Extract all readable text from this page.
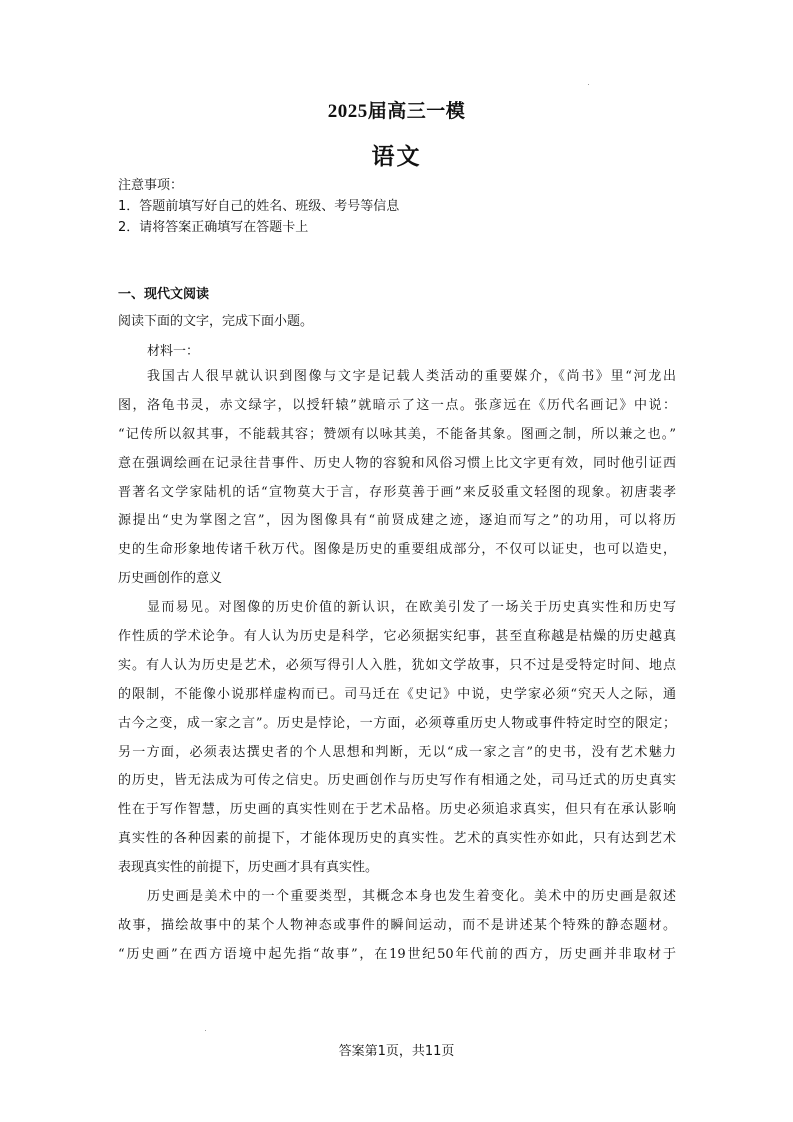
2025届高三一模
语文
注意事项：
1．答题前填写好自己的姓名、班级、考号等信息
2．请将答案正确填写在答题卡上
一、现代文阅读
阅读下面的文字，完成下面小题。
材料一：
我国古人很早就认识到图像与文字是记载人类活动的重要媒介，《尚书》里“河龙出
图，洛龟书灵，赤文绿字，以授轩辕”就暗示了这一点。张彦远在《历代名画记》中说：
“记传所以叙其事，不能载其容；赞颂有以咏其美，不能备其象。图画之制，所以兼之也。”
意在强调绘画在记录往昔事件、历史人物的容貌和风俗习惯上比文字更有效，同时他引证西
晋著名文学家陆机的话“宣物莫大于言，存形莫善于画”来反驳重文轻图的现象。初唐裴孝
源提出“史为掌图之宫”，因为图像具有“前贤成建之迹，逐迫而写之”的功用，可以将历
史的生命形象地传诸千秋万代。图像是历史的重要组成部分，不仅可以证史，也可以造史，
历史画创作的意义
显而易见。对图像的历史价值的新认识，在欧美引发了一场关于历史真实性和历史写
作性质的学术论争。有人认为历史是科学，它必须据实纪事，甚至直称越是枯燥的历史越真
实。有人认为历史是艺术，必须写得引人入胜，犹如文学故事，只不过是受特定时间、地点
的限制，不能像小说那样虚构而已。司马迁在《史记》中说，史学家必须“究天人之际，通
古今之变，成一家之言”。历史是悖论，一方面，必须尊重历史人物或事件特定时空的限定；
另一方面，必须表达撰史者的个人思想和判断，无以“成一家之言”的史书，没有艺术魅力
的历史，皆无法成为可传之信史。历史画创作与历史写作有相通之处，司马迁式的历史真实
性在于写作智慧，历史画的真实性则在于艺术品格。历史必须追求真实，但只有在承认影响
真实性的各种因素的前提下，才能体现历史的真实性。艺术的真实性亦如此，只有达到艺术
表现真实性的前提下，历史画才具有真实性。
历史画是美术中的一个重要类型，其概念本身也发生着变化。美术中的历史画是叙述
故事，描绘故事中的某个人物神态或事件的瞬间运动，而不是讲述某个特殊的静态题材。
“历史画”在西方语境中起先指“故事”，在19世纪50年代前的西方，历史画并非取材于
答案第1页，共11页
